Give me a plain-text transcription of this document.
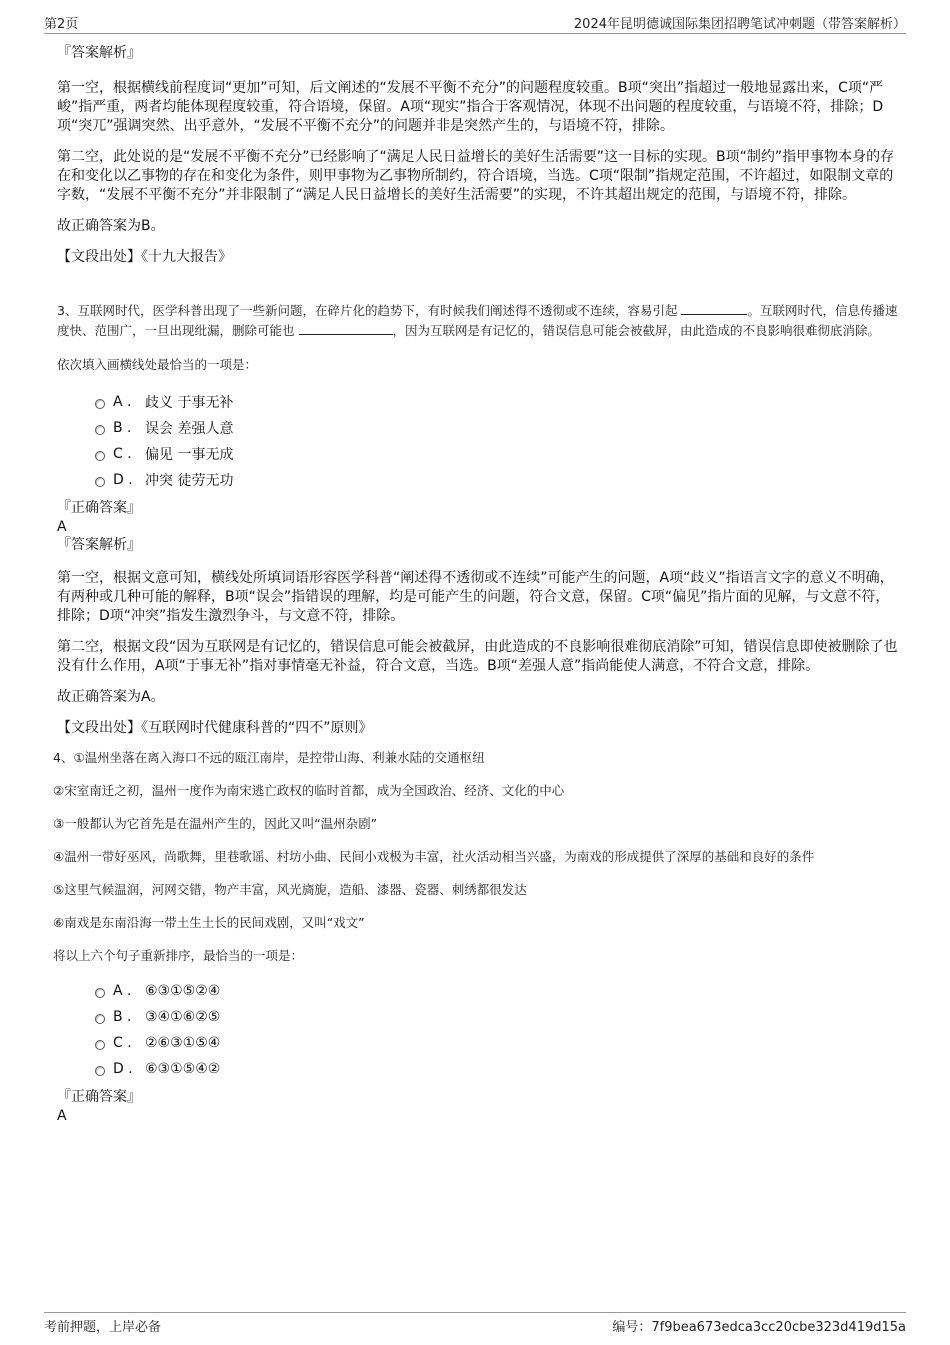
第2页	2024年昆明德诚国际集团招聘笔试冲刺题（带答案解析）

『答案解析』

第一空，根据横线前程度词“更加”可知，后文阐述的“发展不平衡不充分”的问题程度较重。B项“突出”指超过一般地显露出来，C项“严峻”指严重，两者均能体现程度较重，符合语境，保留。A项“现实”指合于客观情况，体现不出问题的程度较重，与语境不符，排除；D项“突兀”强调突然、出乎意外，“发展不平衡不充分”的问题并非是突然产生的，与语境不符，排除。

第二空，此处说的是“发展不平衡不充分”已经影响了“满足人民日益增长的美好生活需要”这一目标的实现。B项“制约”指甲事物本身的存在和变化以乙事物的存在和变化为条件，则甲事物为乙事物所制约，符合语境，当选。C项“限制”指规定范围，不许超过，如限制文章的字数，“发展不平衡不充分”并非限制了“满足人民日益增长的美好生活需要”的实现，不许其超出规定的范围，与语境不符，排除。

故正确答案为B。

【文段出处】《十九大报告》

3、互联网时代，医学科普出现了一些新问题，在碎片化的趋势下，有时候我们阐述得不透彻或不连续，容易引起	。互联网时代，信息传播速度快、范围广，一旦出现纰漏，删除可能也	，因为互联网是有记忆的，错误信息可能会被截屏，由此造成的不良影响很难彻底消除。

依次填入画横线处最恰当的一项是：

A . 歧义 于事无补
B . 误会 差强人意
C . 偏见 一事无成
D . 冲突 徒劳无功

『正确答案』

A

『答案解析』

第一空，根据文意可知，横线处所填词语形容医学科普“阐述得不透彻或不连续”可能产生的问题，A项“歧义”指语言文字的意义不明确，有两种或几种可能的解释，B项“误会”指错误的理解，均是可能产生的问题，符合文意，保留。C项“偏见”指片面的见解，与文意不符，排除；D项“冲突”指发生激烈争斗，与文意不符，排除。

第二空，根据文段“因为互联网是有记忆的，错误信息可能会被截屏，由此造成的不良影响很难彻底消除”可知，错误信息即使被删除了也没有什么作用，A项“于事无补”指对事情毫无补益，符合文意，当选。B项“差强人意”指尚能使人满意，不符合文意，排除。

故正确答案为A。

【文段出处】《互联网时代健康科普的“四不”原则》

4、①温州坐落在离入海口不远的瓯江南岸，是控带山海、利兼水陆的交通枢纽

②宋室南迁之初，温州一度作为南宋逃亡政权的临时首都，成为全国政治、经济、文化的中心

③一般都认为它首先是在温州产生的，因此又叫“温州杂剧”

④温州一带好巫风，尚歌舞，里巷歌谣、村坊小曲、民间小戏极为丰富，社火活动相当兴盛，为南戏的形成提供了深厚的基础和良好的条件

⑤这里气候温润，河网交错，物产丰富，风光旖旎，造船、漆器、瓷器、刺绣都很发达

⑥南戏是东南沿海一带土生土长的民间戏剧，又叫“戏文”

将以上六个句子重新排序，最恰当的一项是：

A . ⑥③①⑤②④
B . ③④①⑥②⑤
C . ②⑥③①⑤④
D . ⑥③①⑤④②

『正确答案』

A

考前押题，上岸必备	编号：7f9bea673edca3cc20cbe323d419d15a
